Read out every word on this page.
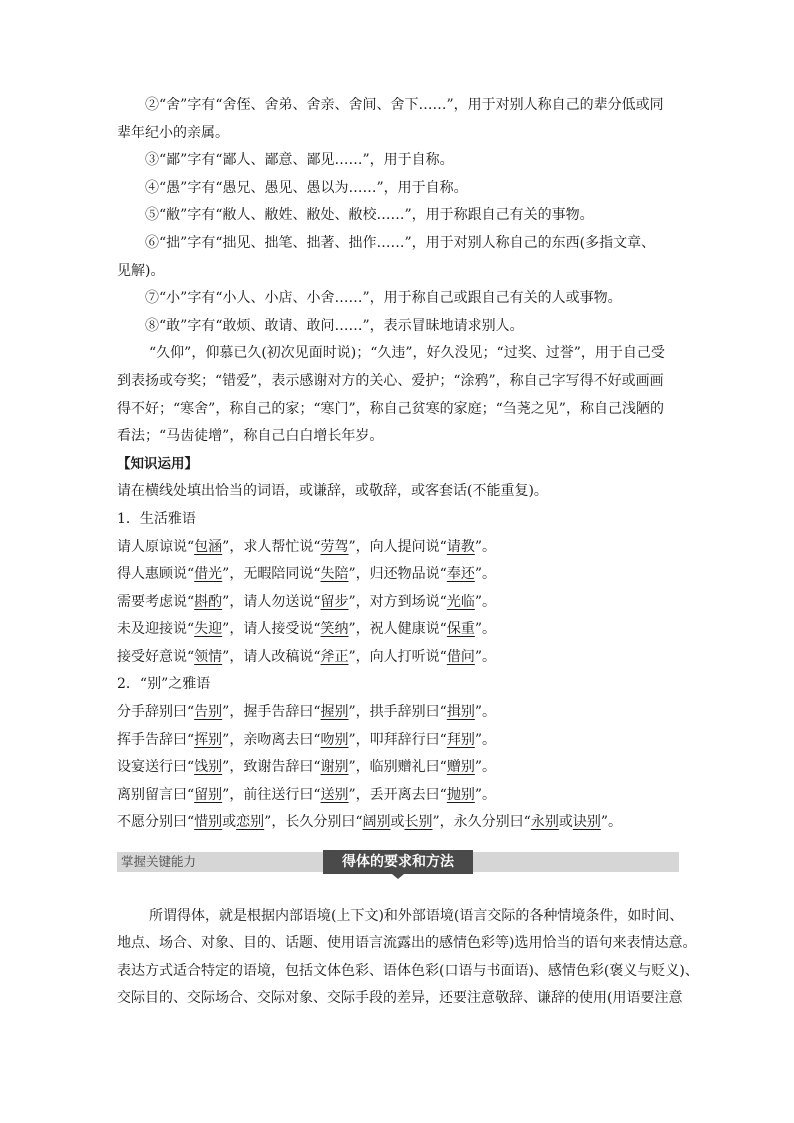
②“舍”字有“舍侄、舍弟、舍亲、舍间、舍下……”，用于对别人称自己的辈分低或同
辈年纪小的亲属。
③“鄙”字有“鄙人、鄙意、鄙见……”，用于自称。
④“愚”字有“愚兄、愚见、愚以为……”，用于自称。
⑤“敝”字有“敝人、敝姓、敝处、敝校……”，用于称跟自己有关的事物。
⑥“拙”字有“拙见、拙笔、拙著、拙作……”，用于对别人称自己的东西(多指文章、
见解)。
⑦“小”字有“小人、小店、小舍……”，用于称自己或跟自己有关的人或事物。
⑧“敢”字有“敢烦、敢请、敢问……”，表示冒昧地请求别人。
“久仰”，仰慕已久(初次见面时说)；“久违”，好久没见；“过奖、过誉”，用于自己受
到表扬或夸奖；“错爱”，表示感谢对方的关心、爱护；“涂鸦”，称自己字写得不好或画画
得不好；“寒舍”，称自己的家；“寒门”，称自己贫寒的家庭；“刍荛之见”，称自己浅陋的
看法；“马齿徒增”，称自己白白增长年岁。
【知识运用】
请在横线处填出恰当的词语，或谦辞，或敬辞，或客套话(不能重复)。
1．生活雅语
请人原谅说“包涵”，求人帮忙说“劳驾”，向人提问说“请教”。
得人惠顾说“借光”，无暇陪同说“失陪”，归还物品说“奉还”。
需要考虑说“斟酌”，请人勿送说“留步”，对方到场说“光临”。
未及迎接说“失迎”，请人接受说“笑纳”，祝人健康说“保重”。
接受好意说“领情”，请人改稿说“斧正”，向人打听说“借问”。
2．“别”之雅语
分手辞别曰“告别”，握手告辞曰“握别”，拱手辞别曰“揖别”。
挥手告辞曰“挥别”，亲吻离去曰“吻别”，叩拜辞行曰“拜别”。
设宴送行曰“饯别”，致谢告辞曰“谢别”，临别赠礼曰“赠别”。
离别留言曰“留别”，前往送行曰“送别”，丢开离去曰“抛别”。
不愿分别曰“惜别或恋别”，长久分别曰“阔别或长别”，永久分别曰“永别或诀别”。
掌握关键能力	得体的要求和方法
所谓得体，就是根据内部语境(上下文)和外部语境(语言交际的各种情境条件，如时间、
地点、场合、对象、目的、话题、使用语言流露出的感情色彩等)选用恰当的语句来表情达意。
表达方式适合特定的语境，包括文体色彩、语体色彩(口语与书面语)、感情色彩(褒义与贬义)、
交际目的、交际场合、交际对象、交际手段的差异，还要注意敬辞、谦辞的使用(用语要注意
